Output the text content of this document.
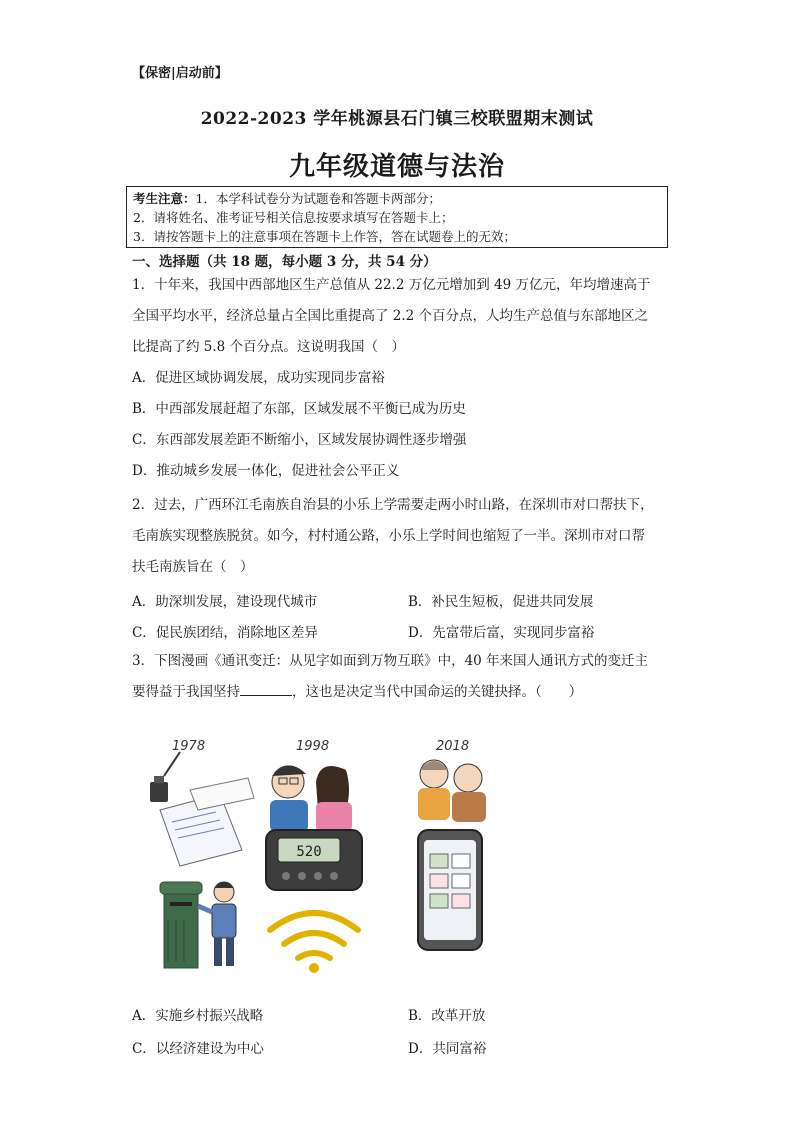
【保密|启动前】
2022-2023 学年桃源县石门镇三校联盟期末测试
九年级道德与法治
考生注意：1．本学科试卷分为试题卷和答题卡两部分；
2．请将姓名、准考证号相关信息按要求填写在答题卡上；
3．请按答题卡上的注意事项在答题卡上作答，答在试题卷上的无效；
一、选择题（共 18 题，每小题 3 分，共 54 分）
1．十年来，我国中西部地区生产总值从 22.2 万亿元增加到 49 万亿元，年均增速高于
全国平均水平，经济总量占全国比重提高了 2.2 个百分点，人均生产总值与东部地区之
比提高了约 5.8 个百分点。这说明我国（　）
A．促进区域协调发展，成功实现同步富裕
B．中西部发展赶超了东部，区域发展不平衡已成为历史
C．东西部发展差距不断缩小，区域发展协调性逐步增强
D．推动城乡发展一体化，促进社会公平正义
2．过去，广西环江毛南族自治县的小乐上学需要走两小时山路，在深圳市对口帮扶下，
毛南族实现整族脱贫。如今，村村通公路，小乐上学时间也缩短了一半。深圳市对口帮
扶毛南族旨在（　）
A．助深圳发展，建设现代城市	B．补民生短板，促进共同发展
C．促民族团结，消除地区差异	D．先富带后富，实现同步富裕
3．下图漫画《通讯变迁：从见字如面到万物互联》中，40 年来国人通讯方式的变迁主
要得益于我国坚持	，这也是决定当代中国命运的关键抉择。（　　）
1978	1998	2018
520
A．实施乡村振兴战略	B．改革开放
C．以经济建设为中心	D．共同富裕
